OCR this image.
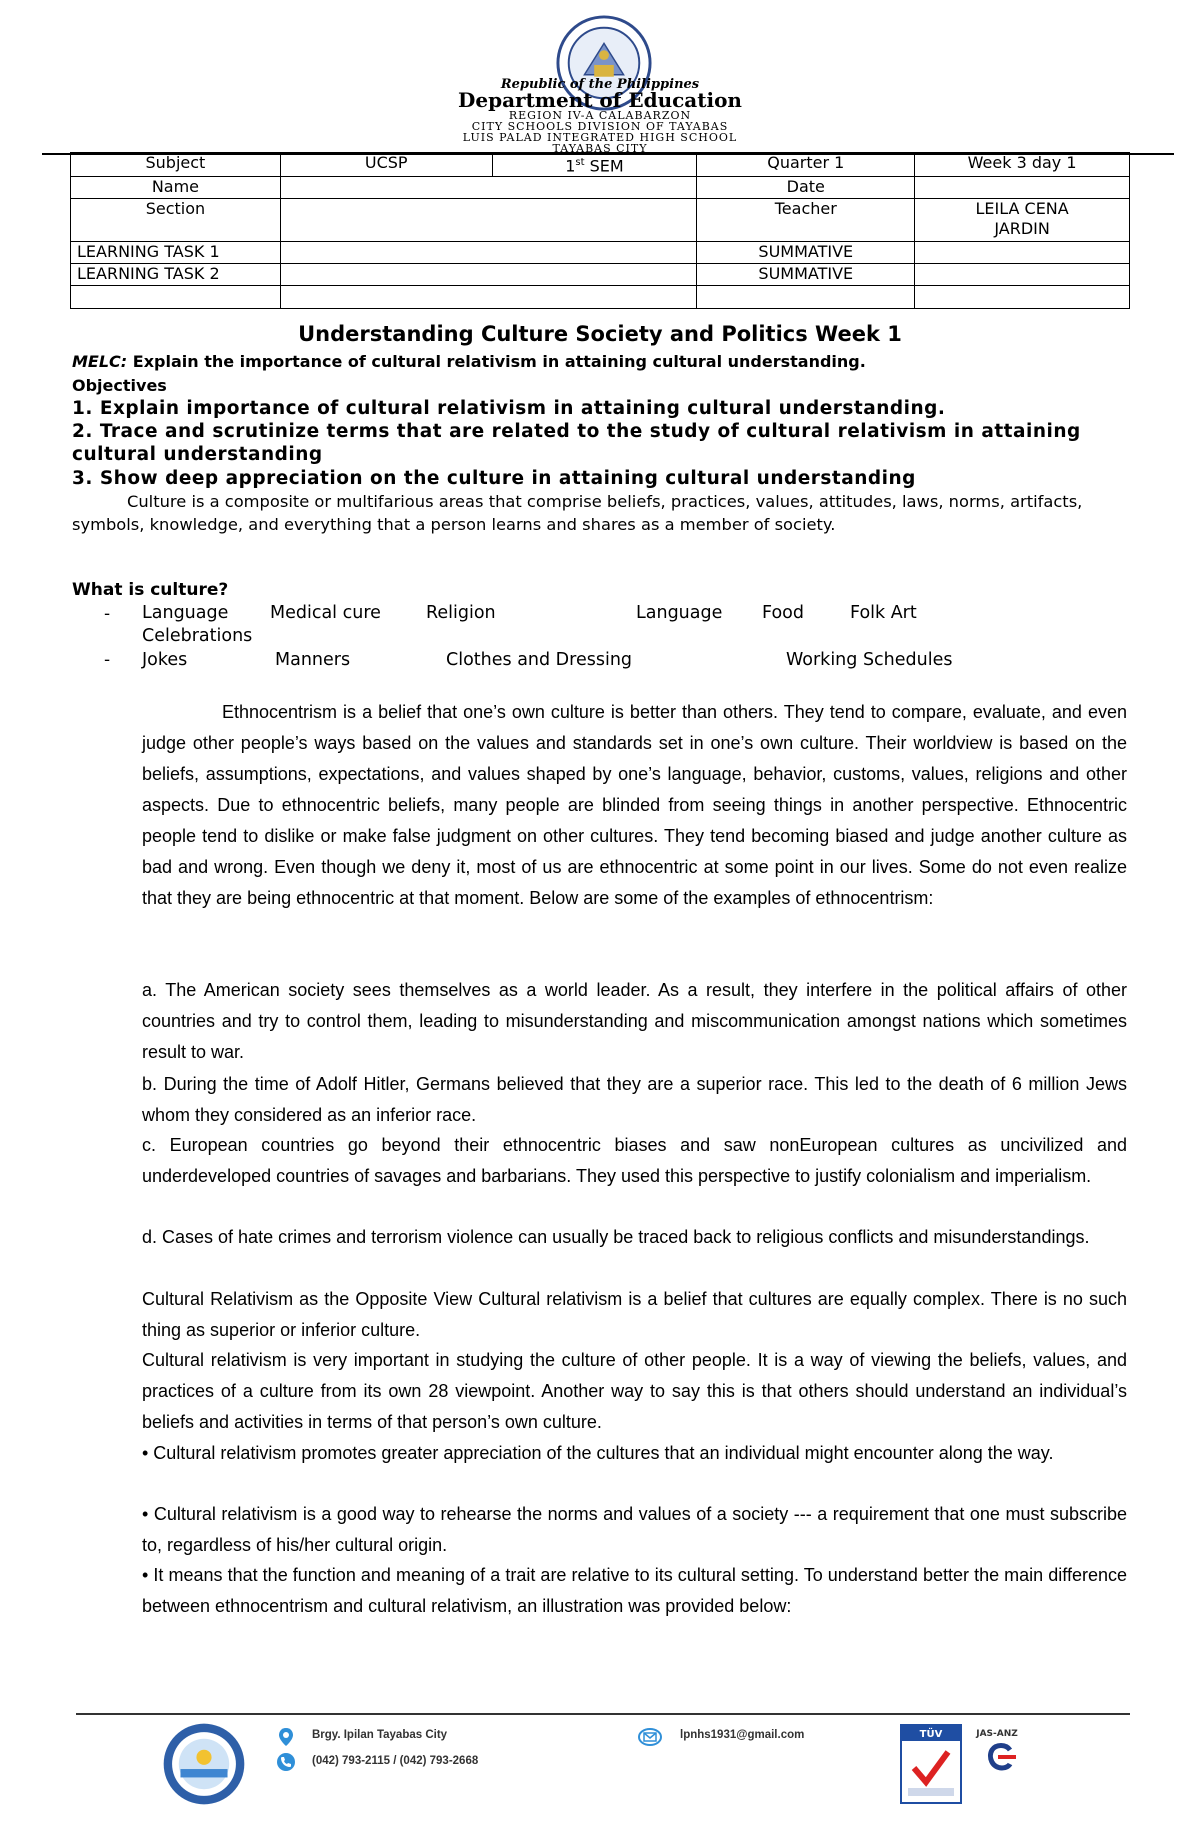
Republic of the Philippines
Department of Education
REGION IV-A CALABARZON
CITY SCHOOLS DIVISION OF TAYABAS
LUIS PALAD INTEGRATED HIGH SCHOOL
TAYABAS CITY
Subject	UCSP	1st SEM	Quarter 1	Week 3 day 1
Name			Date	
Section			Teacher	LEILA CENA
JARDIN

LEARNING TASK 1			SUMMATIVE	
LEARNING TASK 2			SUMMATIVE	

Understanding Culture Society and Politics Week 1
MELC: Explain the importance of cultural relativism in attaining cultural understanding.
Objectives
1. Explain importance of cultural relativism in attaining cultural understanding.
2. Trace and scrutinize terms that are related to the study of cultural relativism in attaining cultural understanding
3. Show deep appreciation on the culture in attaining cultural understanding
Culture is a composite or multifarious areas that comprise beliefs, practices, values, attitudes, laws, norms, artifacts, symbols, knowledge, and everything that a person learns and shares as a member of society.
What is culture?
-
-
Language Medical cure	Religion	Language Food	Folk Art
Celebrations
Jokes	Manners	Clothes and Dressing	Working Schedules

Ethnocentrism is a belief that one’s own culture is better than others. They tend to compare, evaluate, and even judge other people’s ways based on the values and standards set in one’s own culture. Their worldview is based on the beliefs, assumptions, expectations, and values shaped by one’s language, behavior, customs, values, religions and other aspects. Due to ethnocentric beliefs, many people are blinded from seeing things in another perspective. Ethnocentric people tend to dislike or make false judgment on other cultures. They tend becoming biased and judge another culture as bad and wrong. Even though we deny it, most of us are ethnocentric at some point in our lives. Some do not even realize that they are being ethnocentric at that moment. Below are some of the examples of ethnocentrism:

a. The American society sees themselves as a world leader. As a result, they interfere in the political affairs of other countries and try to control them, leading to misunderstanding and miscommunication amongst nations which sometimes result to war.

b. During the time of Adolf Hitler, Germans believed that they are a superior race. This led to the death of 6 million Jews whom they considered as an inferior race.

c. European countries go beyond their ethnocentric biases and saw nonEuropean cultures as uncivilized and underdeveloped countries of savages and barbarians. They used this perspective to justify colonialism and imperialism.

d. Cases of hate crimes and terrorism violence can usually be traced back to religious conflicts and misunderstandings.

Cultural Relativism as the Opposite View Cultural relativism is a belief that cultures are equally complex. There is no such thing as superior or inferior culture.

Cultural relativism is very important in studying the culture of other people. It is a way of viewing the beliefs, values, and practices of a culture from its own 28 viewpoint. Another way to say this is that others should understand an individual’s beliefs and activities in terms of that person’s own culture.

• Cultural relativism promotes greater appreciation of the cultures that an individual might encounter along the way.

• Cultural relativism is a good way to rehearse the norms and values of a society --- a requirement that one must subscribe to, regardless of his/her cultural origin.

• It means that the function and meaning of a trait are relative to its cultural setting. To understand better the main difference between ethnocentrism and cultural relativism, an illustration was provided below:

Brgy. Ipilan Tayabas City
(042) 793-2115 / (042) 793-2668
lpnhs1931@gmail.com	TÜV	JAS-ANZ
